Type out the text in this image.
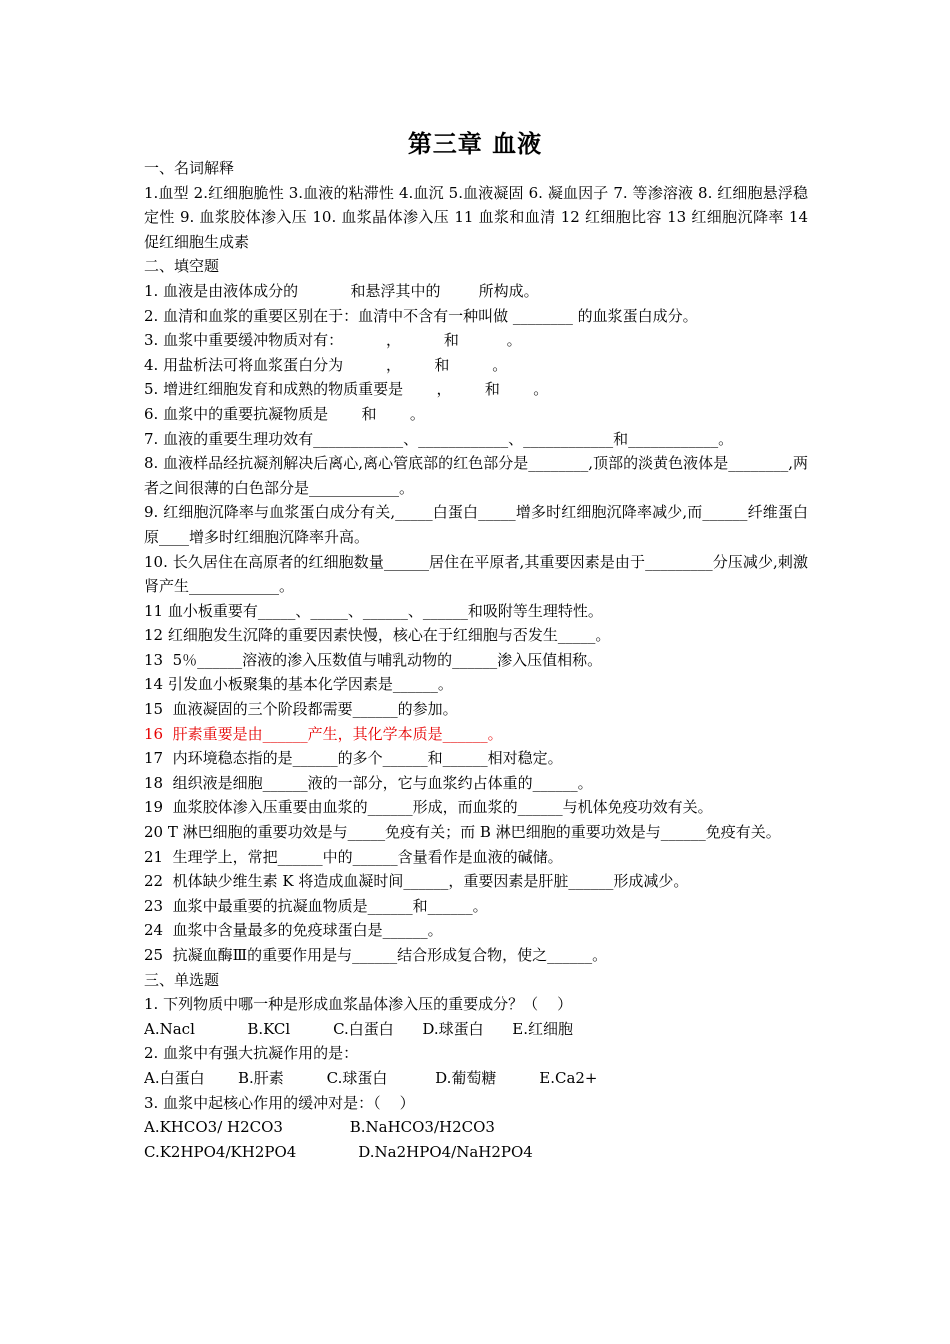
第三章 血液
一、名词解释
1.血型 2.红细胞脆性 3.血液的粘滞性 4.血沉 5.血液凝固 6. 凝血因子 7. 等渗溶液 8. 红细胞悬浮稳定性 9. 血浆胶体渗入压 10. 血浆晶体渗入压 11 血浆和血清 12 红细胞比容 13 红细胞沉降率 14 促红细胞生成素
二、填空题
1. 血液是由液体成分的           和悬浮其中的        所构成。
2. 血清和血浆的重要区别在于：血清中不含有一种叫做 ________ 的血浆蛋白成分。
3. 血浆中重要缓冲物质对有：         ，         和          。
4. 用盐析法可将血浆蛋白分为         ，       和         。
5. 增进红细胞发育和成熟的物质重要是       ，       和       。
6. 血浆中的重要抗凝物质是       和       。
7. 血液的重要生理功效有____________、____________、____________和____________。
8. 血液样品经抗凝剂解决后离心,离心管底部的红色部分是________,顶部的淡黄色液体是________,两者之间很薄的白色部分是____________。
9. 红细胞沉降率与血浆蛋白成分有关,_____白蛋白_____增多时红细胞沉降率减少,而______纤维蛋白原____增多时红细胞沉降率升高。
10. 长久居住在高原者的红细胞数量______居住在平原者,其重要因素是由于_________分压减少,刺激肾产生____________。
11 血小板重要有_____、_____、______、______和吸附等生理特性。
12 红细胞发生沉降的重要因素快慢，核心在于红细胞与否发生_____。
13  5％______溶液的渗入压数值与哺乳动物的______渗入压值相称。
14 引发血小板聚集的基本化学因素是______。
15  血液凝固的三个阶段都需要______的参加。
16  肝素重要是由______产生，其化学本质是______。
17  内环境稳态指的是______的多个______和______相对稳定。
18  组织液是细胞______液的一部分，它与血浆约占体重的______。
19  血浆胶体渗入压重要由血浆的______形成，而血浆的______与机体免疫功效有关。
20 T 淋巴细胞的重要功效是与_____免疫有关；而 B 淋巴细胞的重要功效是与______免疫有关。
21  生理学上，常把______中的______含量看作是血液的碱储。
22  机体缺少维生素 K 将造成血凝时间______，重要因素是肝脏______形成减少。
23  血浆中最重要的抗凝血物质是______和______。
24  血浆中含量最多的免疫球蛋白是______。
25  抗凝血酶Ⅲ的重要作用是与______结合形成复合物，使之______。
三、单选题
1. 下列物质中哪一种是形成血浆晶体渗入压的重要成分？（    ）
A.Nacl           B.KCl         C.白蛋白      D.球蛋白      E.红细胞
2. 血浆中有强大抗凝作用的是：
A.白蛋白       B.肝素         C.球蛋白          D.葡萄糖         E.Ca2+
3. 血浆中起核心作用的缓冲对是：（    ）
A.KHCO3/ H2CO3              B.NaHCO3/H2CO3
C.K2HPO4/KH2PO4             D.Na2HPO4/NaH2PO4
